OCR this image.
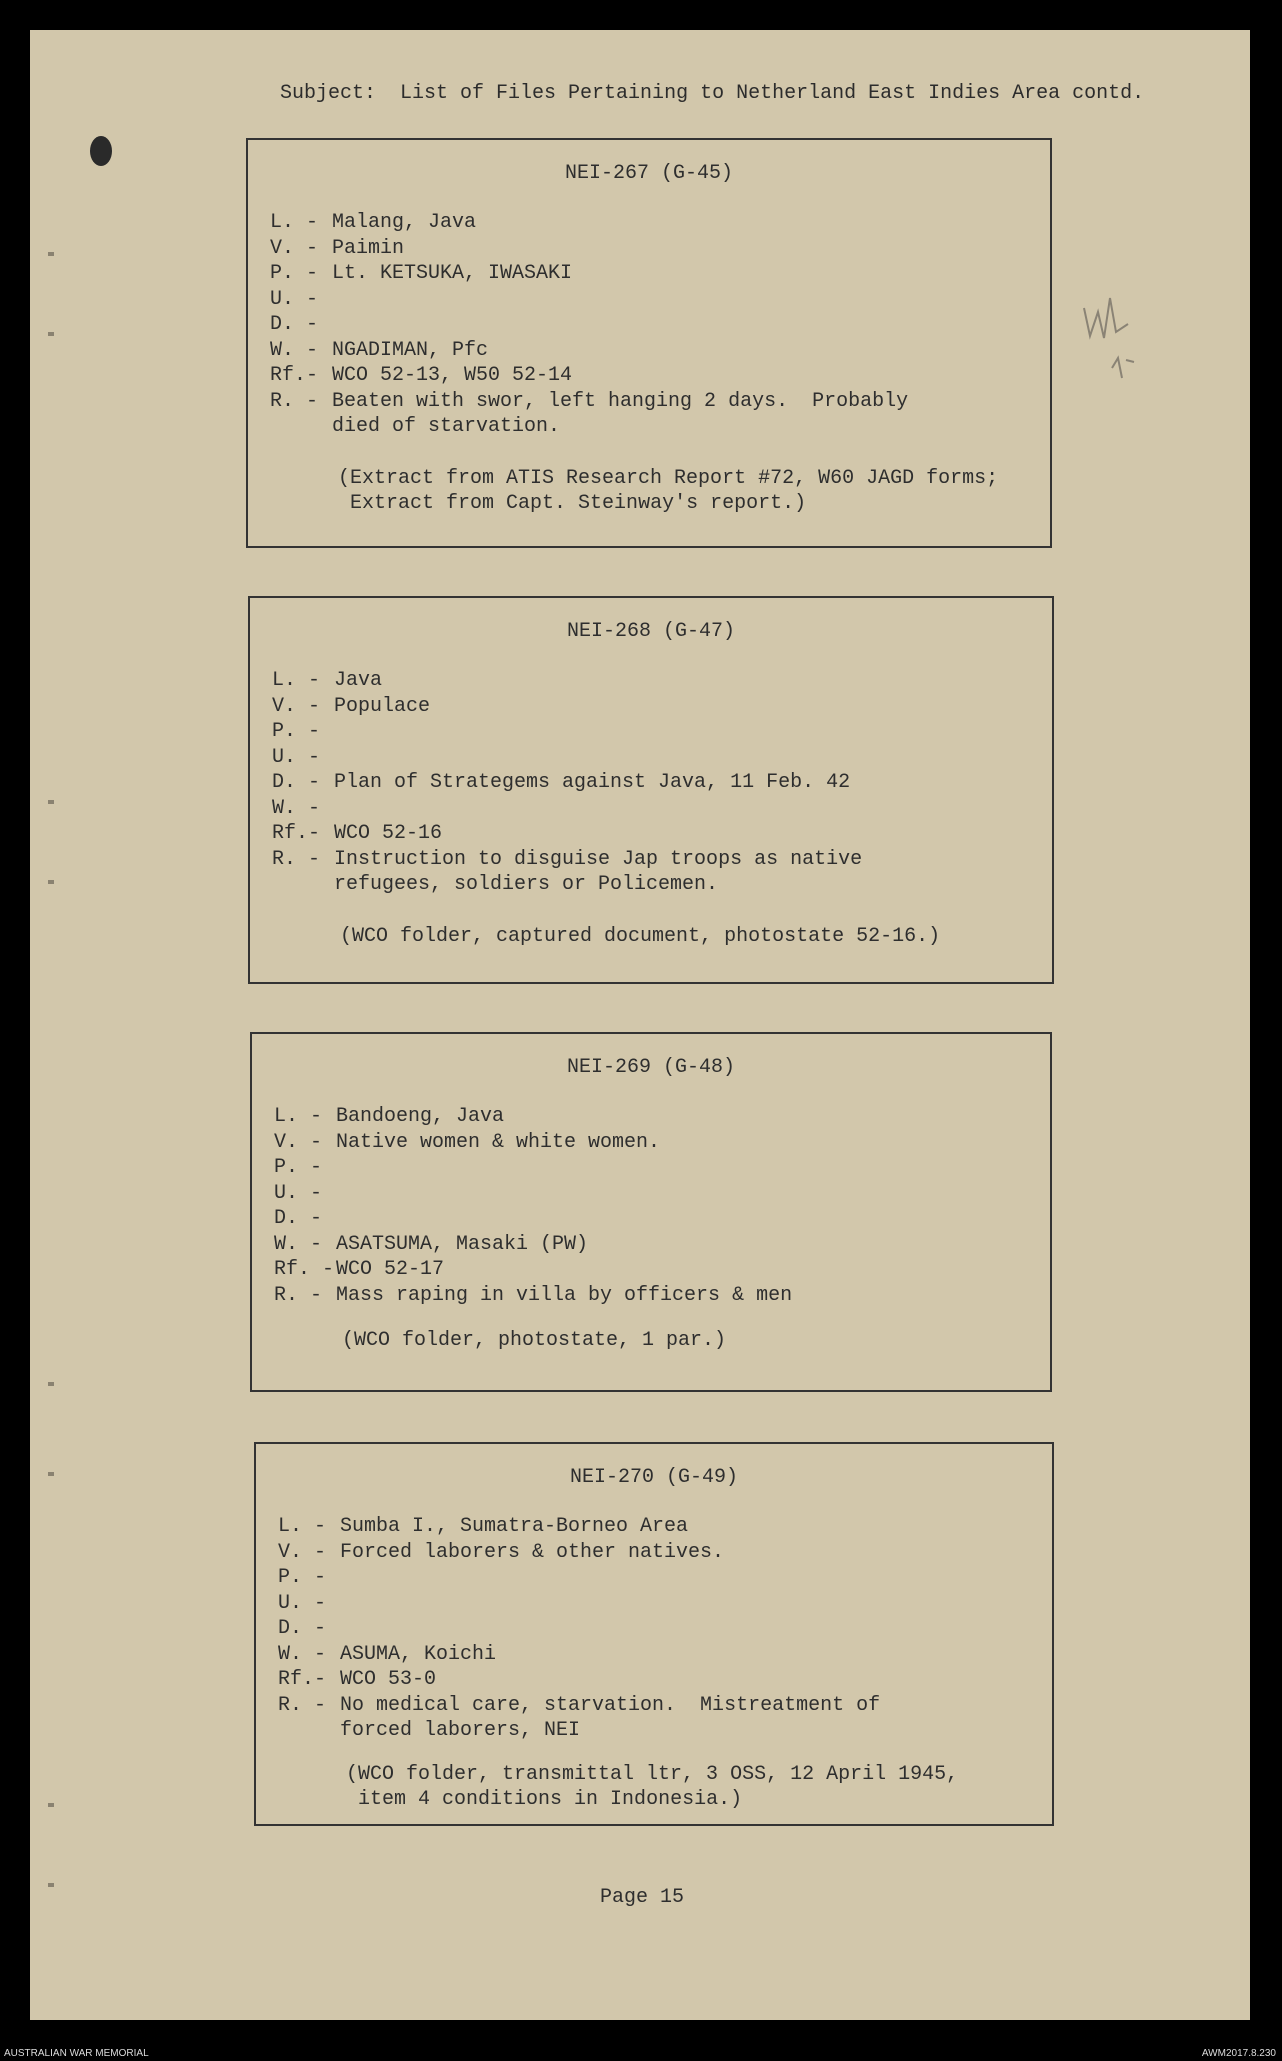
Subject:  List of Files Pertaining to Netherland East Indies Area contd.
NEI-267 (G-45)
L. - Malang, Java
V. - Paimin
P. - Lt. KETSUKA, IWASAKI
U. -
D. -
W. - NGADIMAN, Pfc
Rf.- WCO 52-13, W50 52-14
R. - Beaten with swor, left hanging 2 days.  Probably
died of starvation.
(Extract from ATIS Research Report #72, W60 JAGD forms;
Extract from Capt. Steinway's report.)
NEI-268 (G-47)
L. - Java
V. - Populace
P. -
U. -
D. - Plan of Strategems against Java, 11 Feb. 42
W. -
Rf.- WCO 52-16
R. - Instruction to disguise Jap troops as native
refugees, soldiers or Policemen.
(WCO folder, captured document, photostate 52-16.)
NEI-269 (G-48)
L. - Bandoeng, Java
V. - Native women & white women.
P. -
U. -
D. -
W. - ASATSUMA, Masaki (PW)
Rf. - WCO 52-17
R. - Mass raping in villa by officers & men
(WCO folder, photostate, 1 par.)
NEI-270 (G-49)
L. - Sumba I., Sumatra-Borneo Area
V. - Forced laborers & other natives.
P. -
U. -
D. -
W. - ASUMA, Koichi
Rf.- WCO 53-0
R. - No medical care, starvation.  Mistreatment of
forced laborers, NEI
(WCO folder, transmittal ltr, 3 OSS, 12 April 1945,
item 4 conditions in Indonesia.)
Page 15
AUSTRALIAN WAR MEMORIAL	AWM2017.8.230
